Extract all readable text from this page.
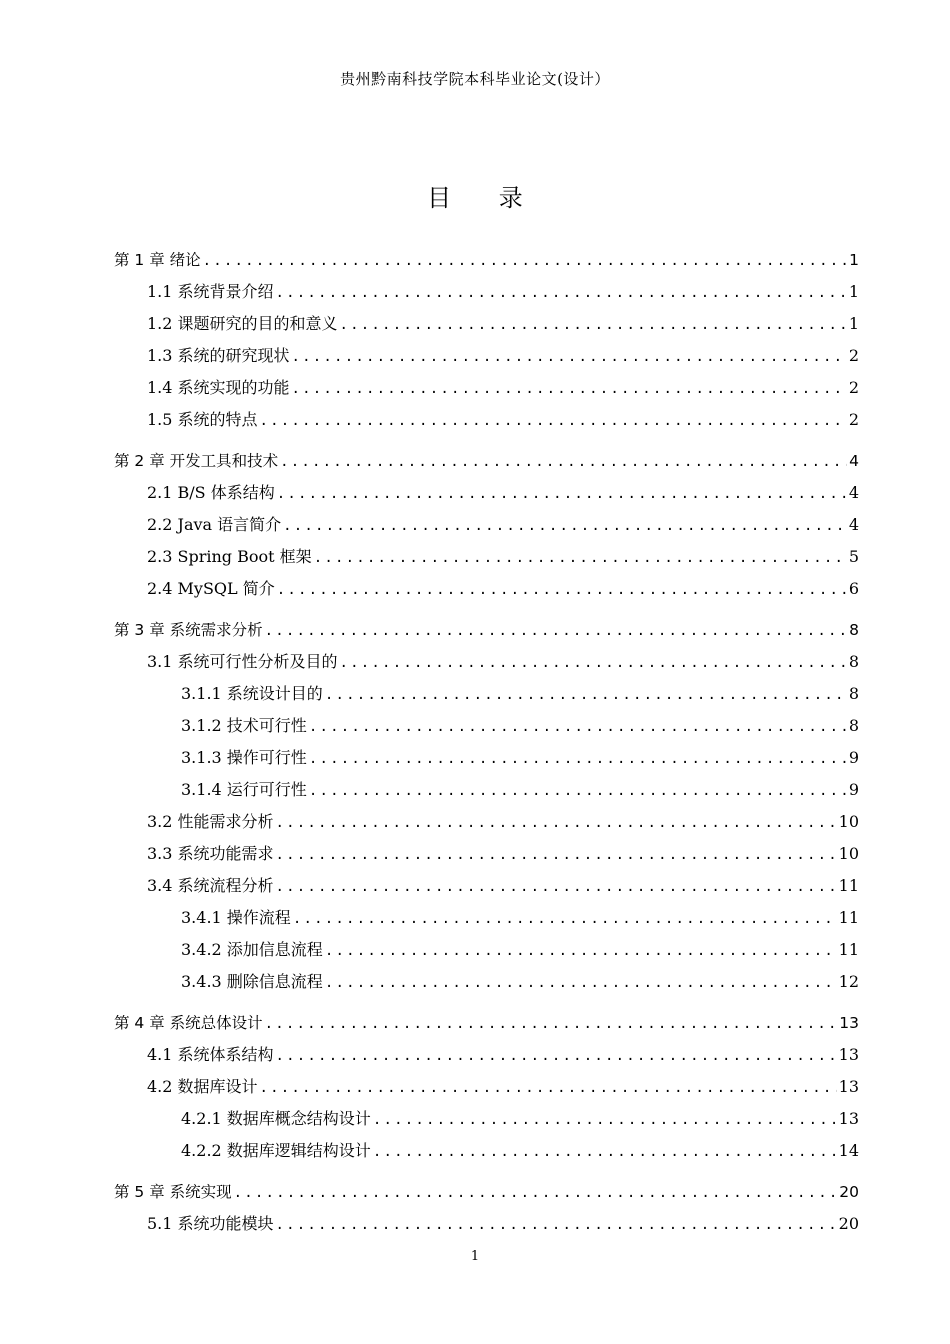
贵州黔南科技学院本科毕业论文(设计）
目 录
第 1 章 绪论 .....	1
1.1 系统背景介绍 .....	1
1.2 课题研究的目的和意义 .....	1
1.3 系统的研究现状 .....	2
1.4 系统实现的功能 .....	2
1.5 系统的特点 .....	2
第 2 章 开发工具和技术 .....	4
2.1 B/S 体系结构 .....	4
2.2 Java 语言简介 .....	4
2.3 Spring Boot 框架 .....	5
2.4 MySQL 简介 .....	6
第 3 章 系统需求分析 .....	8
3.1 系统可行性分析及目的 .....	8
3.1.1 系统设计目的 .....	8
3.1.2 技术可行性 .....	8
3.1.3 操作可行性 .....	9
3.1.4 运行可行性 .....	9
3.2 性能需求分析 .....	10
3.3 系统功能需求 .....	10
3.4 系统流程分析 .....	11
3.4.1 操作流程 .....	11
3.4.2 添加信息流程 .....	11
3.4.3 删除信息流程 .....	12
第 4 章 系统总体设计 .....	13
4.1 系统体系结构 .....	13
4.2 数据库设计 .....	13
4.2.1 数据库概念结构设计 .....	13
4.2.2 数据库逻辑结构设计 .....	14
第 5 章 系统实现 .....	20
5.1 系统功能模块 .....	20
1
